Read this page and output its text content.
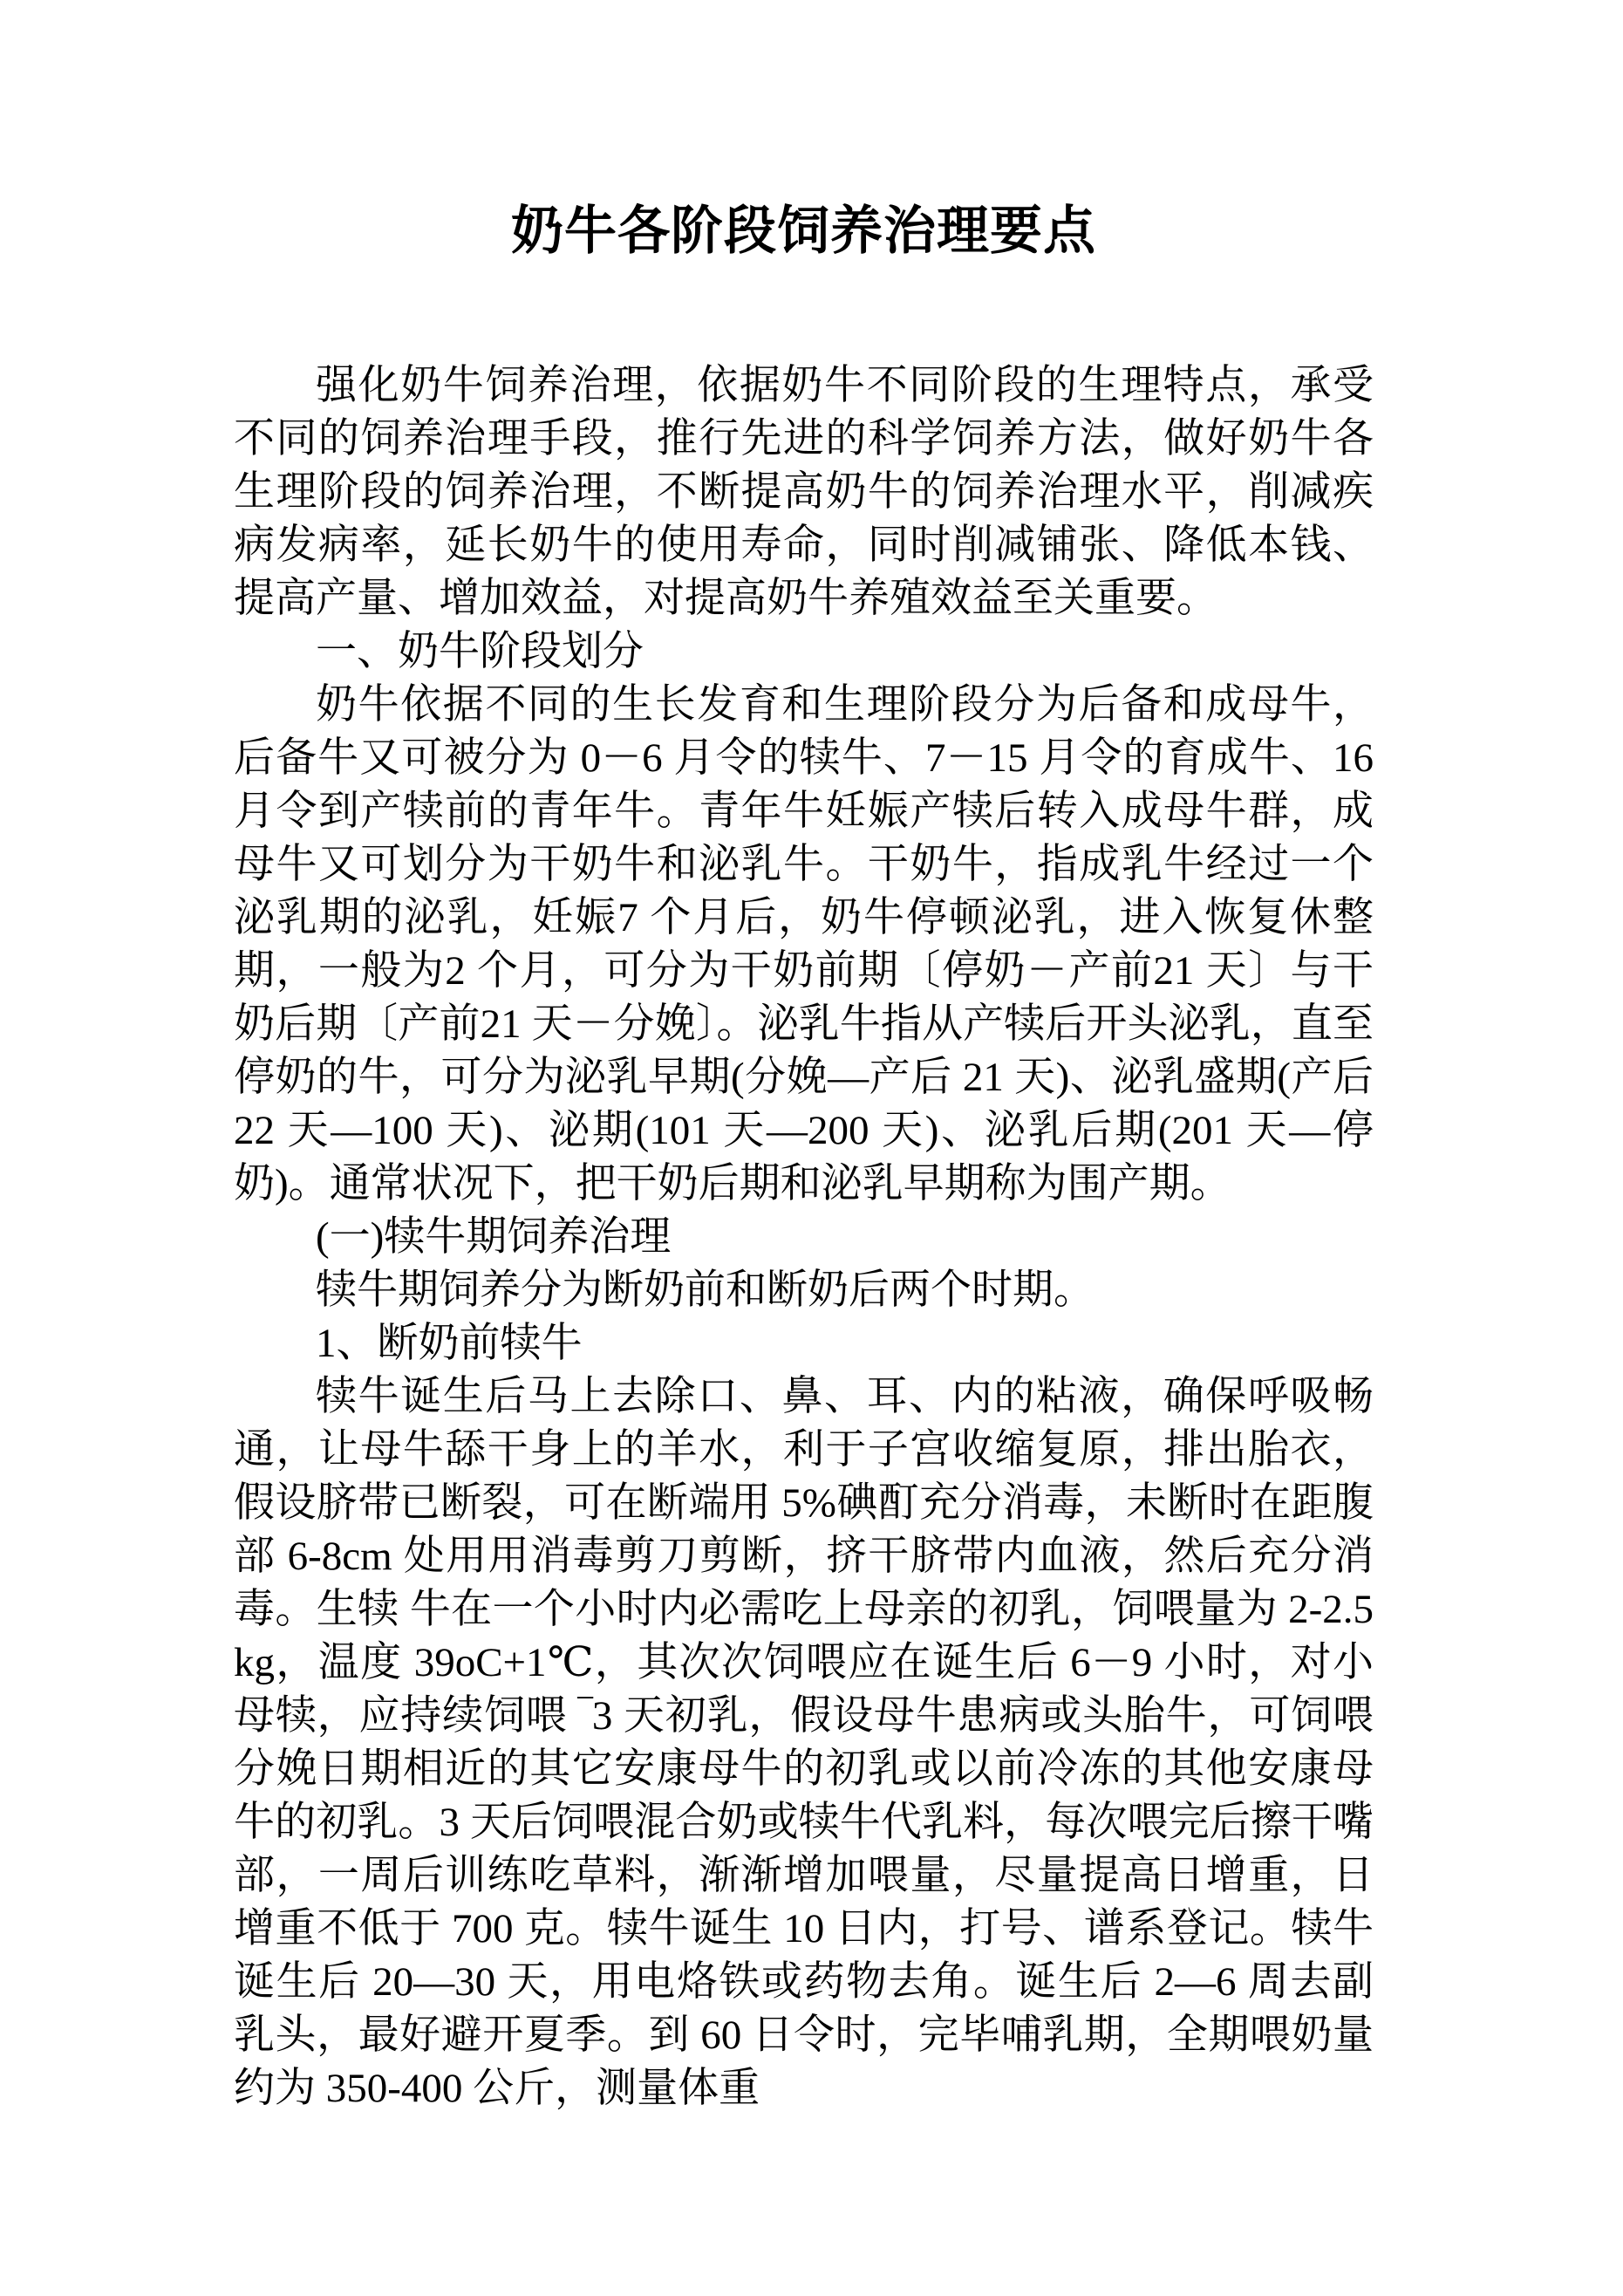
奶牛各阶段饲养治理要点

强化奶牛饲养治理，依据奶牛不同阶段的生理特点，承受不同的饲养治理手段，推行先进的科学饲养方法，做好奶牛各生理阶段的饲养治理，不断提高奶牛的饲养治理水平，削减疾病发病率，延长奶牛的使用寿命，同时削减铺张、降低本钱、提高产量、增加效益，对提高奶牛养殖效益至关重要。

一、奶牛阶段划分

奶牛依据不同的生长发育和生理阶段分为后备和成母牛，后备牛又可被分为 0－6 月令的犊牛、7－15 月令的育成牛、16 月令到产犊前的青年牛。青年牛妊娠产犊后转入成母牛群，成母牛又可划分为干奶牛和泌乳牛。干奶牛，指成乳牛经过一个泌乳期的泌乳，妊娠7 个月后，奶牛停顿泌乳，进入恢复休整期，一般为2 个月，可分为干奶前期〔停奶－产前21 天〕与干奶后期〔产前21 天－分娩〕。泌乳牛指从产犊后开头泌乳，直至停奶的牛，可分为泌乳早期(分娩—产后 21 天)、泌乳盛期(产后 22 天—100 天)、泌期(101 天—200 天)、泌乳后期(201 天—停奶)。通常状况下，把干奶后期和泌乳早期称为围产期。

(一)犊牛期饲养治理

犊牛期饲养分为断奶前和断奶后两个时期。

1、断奶前犊牛

犊牛诞生后马上去除口、鼻、耳、内的粘液，确保呼吸畅通，让母牛舔干身上的羊水，利于子宫收缩复原，排出胎衣，假设脐带已断裂，可在断端用 5%碘酊充分消毒，未断时在距腹部 6-8cm 处用用消毒剪刀剪断，挤干脐带内血液，然后充分消毒。生犊 牛在一个小时内必需吃上母亲的初乳，饲喂量为 2-2.5kg，温度 39oC+1℃，其次次饲喂应在诞生后 6－9 小时，对小母犊，应持续饲喂 ‾3 天初乳，假设母牛患病或头胎牛，可饲喂分娩日期相近的其它安康母牛的初乳或以前冷冻的其他安康母牛的初乳。3 天后饲喂混合奶或犊牛代乳料，每次喂完后擦干嘴部，一周后训练吃草料，渐渐增加喂量，尽量提高日增重，日增重不低于 700 克。犊牛诞生 10 日内，打号、谱系登记。犊牛诞生后 20—30 天，用电烙铁或药物去角。诞生后 2—6 周去副乳头，最好避开夏季。到 60 日令时，完毕哺乳期，全期喂奶量约为 350-400 公斤，测量体重
